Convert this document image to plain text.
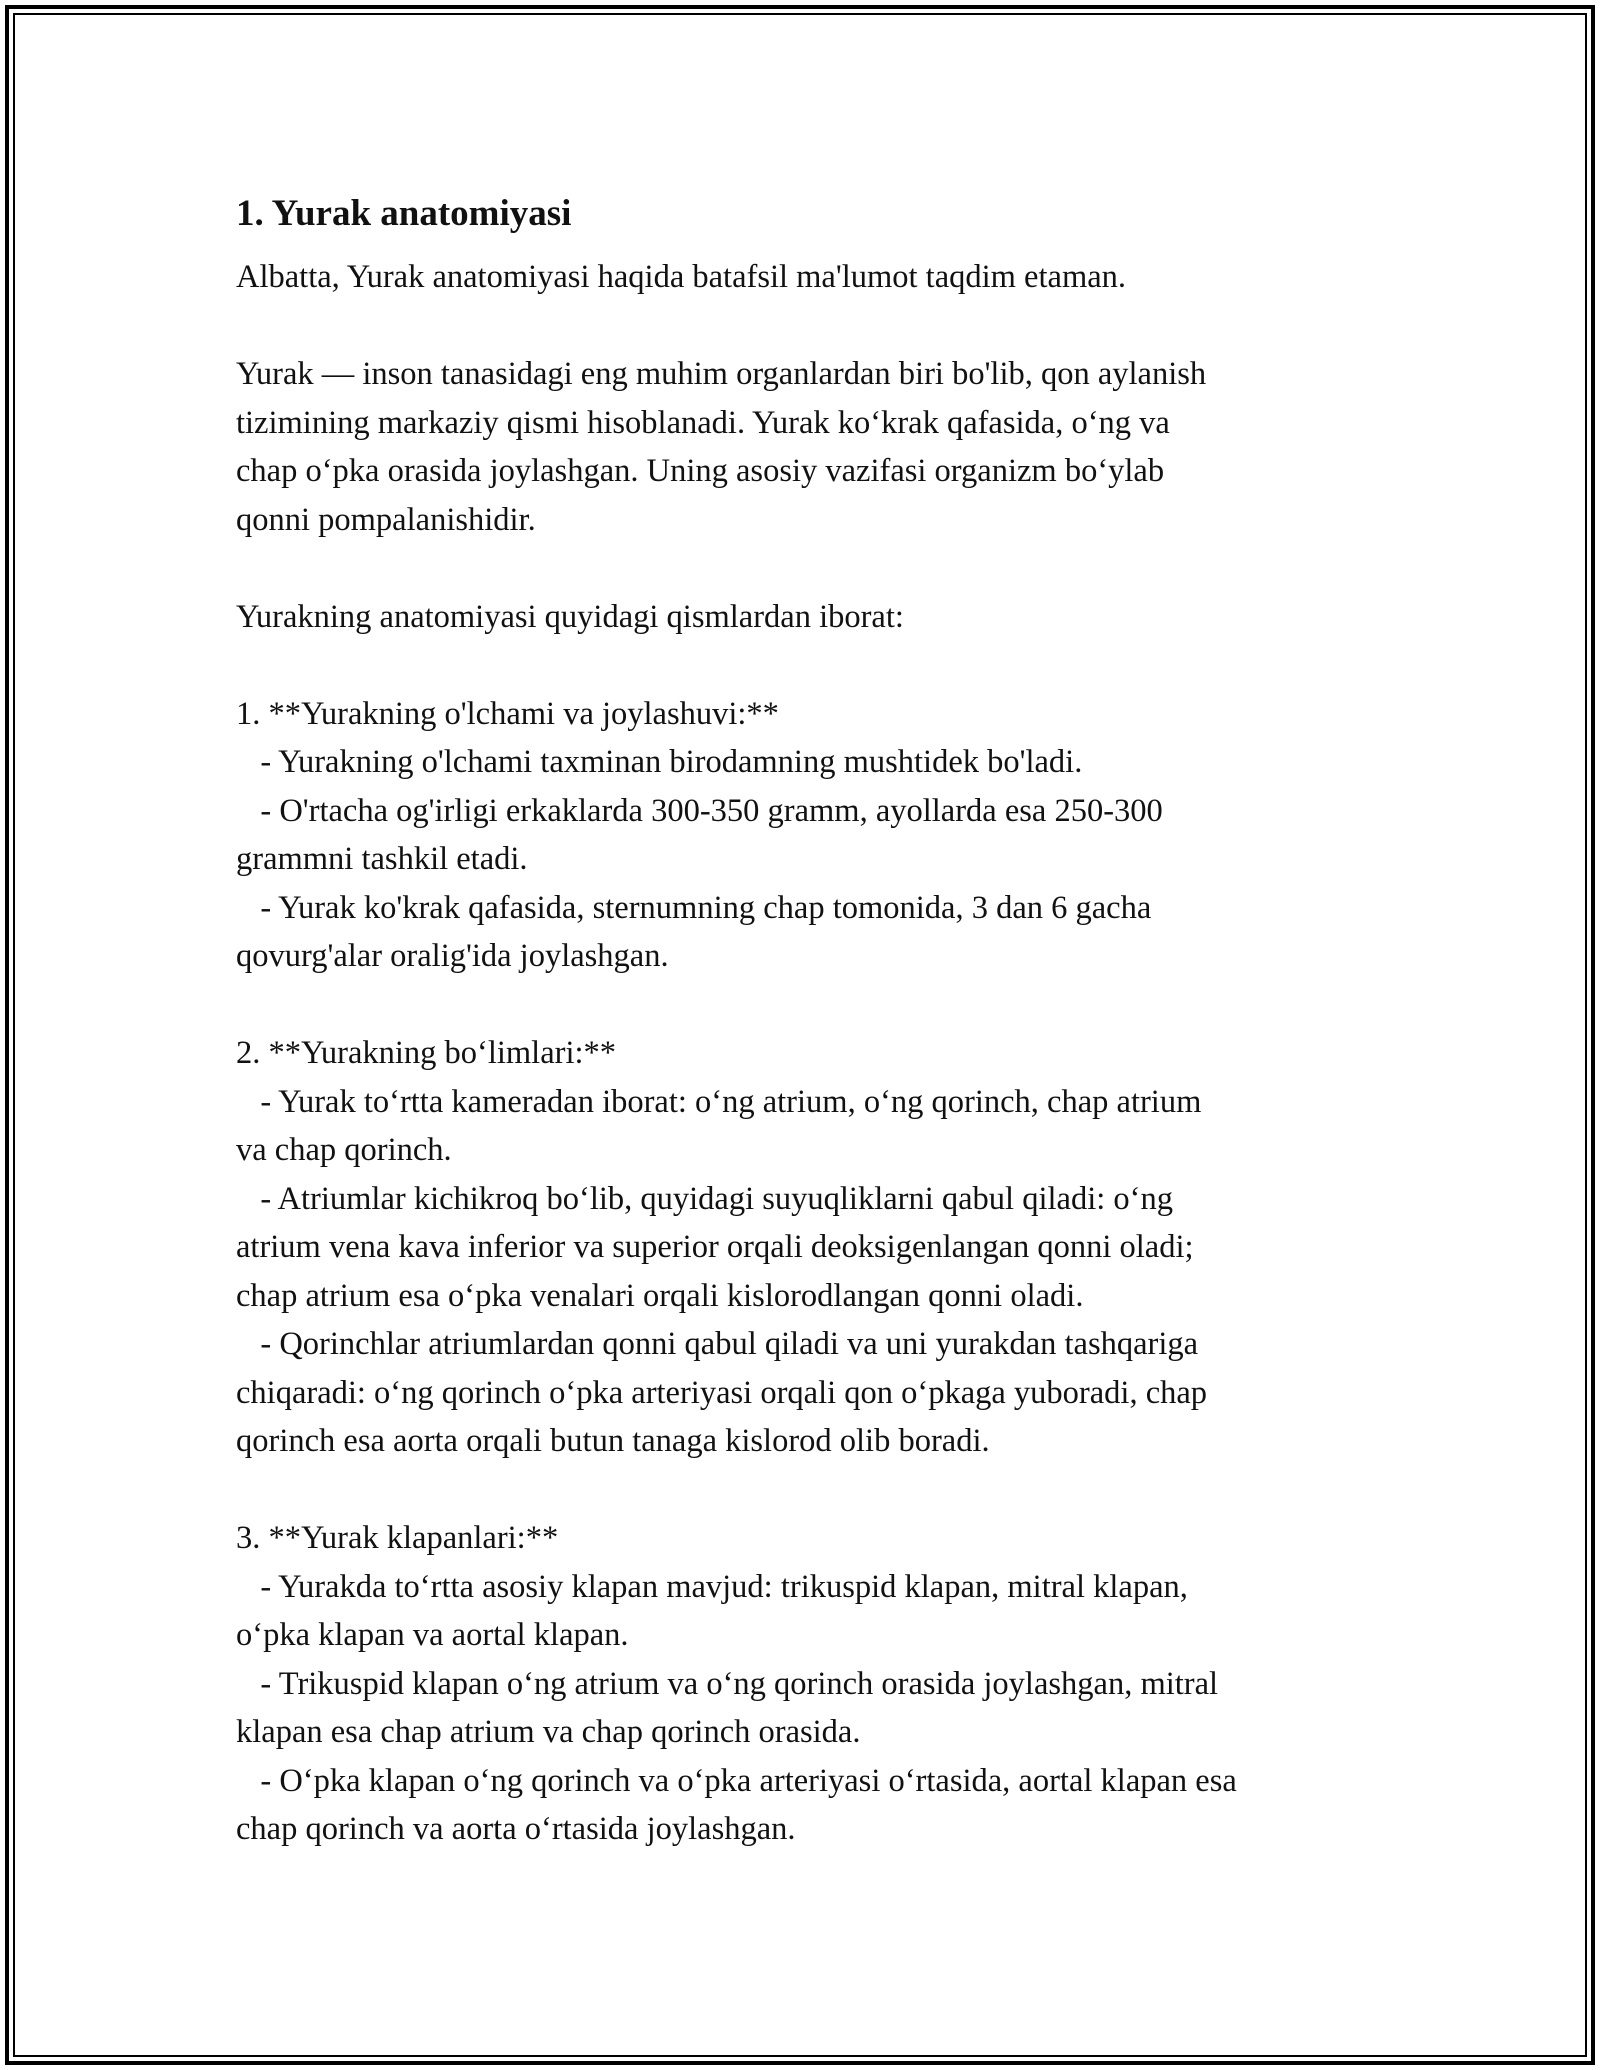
1. Yurak anatomiyasi
Albatta, Yurak anatomiyasi haqida batafsil ma'lumot taqdim etaman.
Yurak — inson tanasidagi eng muhim organlardan biri bo'lib, qon aylanish
tizimining markaziy qismi hisoblanadi. Yurak ko‘krak qafasida, o‘ng va
chap o‘pka orasida joylashgan. Uning asosiy vazifasi organizm bo‘ylab
qonni pompalanishidir.
Yurakning anatomiyasi quyidagi qismlardan iborat:
1. **Yurakning o'lchami va joylashuvi:**
- Yurakning o'lchami taxminan birodamning mushtidek bo'ladi.
- O'rtacha og'irligi erkaklarda 300-350 gramm, ayollarda esa 250-300
grammni tashkil etadi.
- Yurak ko'krak qafasida, sternumning chap tomonida, 3 dan 6 gacha
qovurg'alar oralig'ida joylashgan.
2. **Yurakning bo‘limlari:**
- Yurak to‘rtta kameradan iborat: o‘ng atrium, o‘ng qorinch, chap atrium
va chap qorinch.
- Atriumlar kichikroq bo‘lib, quyidagi suyuqliklarni qabul qiladi: o‘ng
atrium vena kava inferior va superior orqali deoksigenlangan qonni oladi;
chap atrium esa o‘pka venalari orqali kislorodlangan qonni oladi.
- Qorinchlar atriumlardan qonni qabul qiladi va uni yurakdan tashqariga
chiqaradi: o‘ng qorinch o‘pka arteriyasi orqali qon o‘pkaga yuboradi, chap
qorinch esa aorta orqali butun tanaga kislorod olib boradi.
3. **Yurak klapanlari:**
- Yurakda to‘rtta asosiy klapan mavjud: trikuspid klapan, mitral klapan,
o‘pka klapan va aortal klapan.
- Trikuspid klapan o‘ng atrium va o‘ng qorinch orasida joylashgan, mitral
klapan esa chap atrium va chap qorinch orasida.
- O‘pka klapan o‘ng qorinch va o‘pka arteriyasi o‘rtasida, aortal klapan esa
chap qorinch va aorta o‘rtasida joylashgan.
